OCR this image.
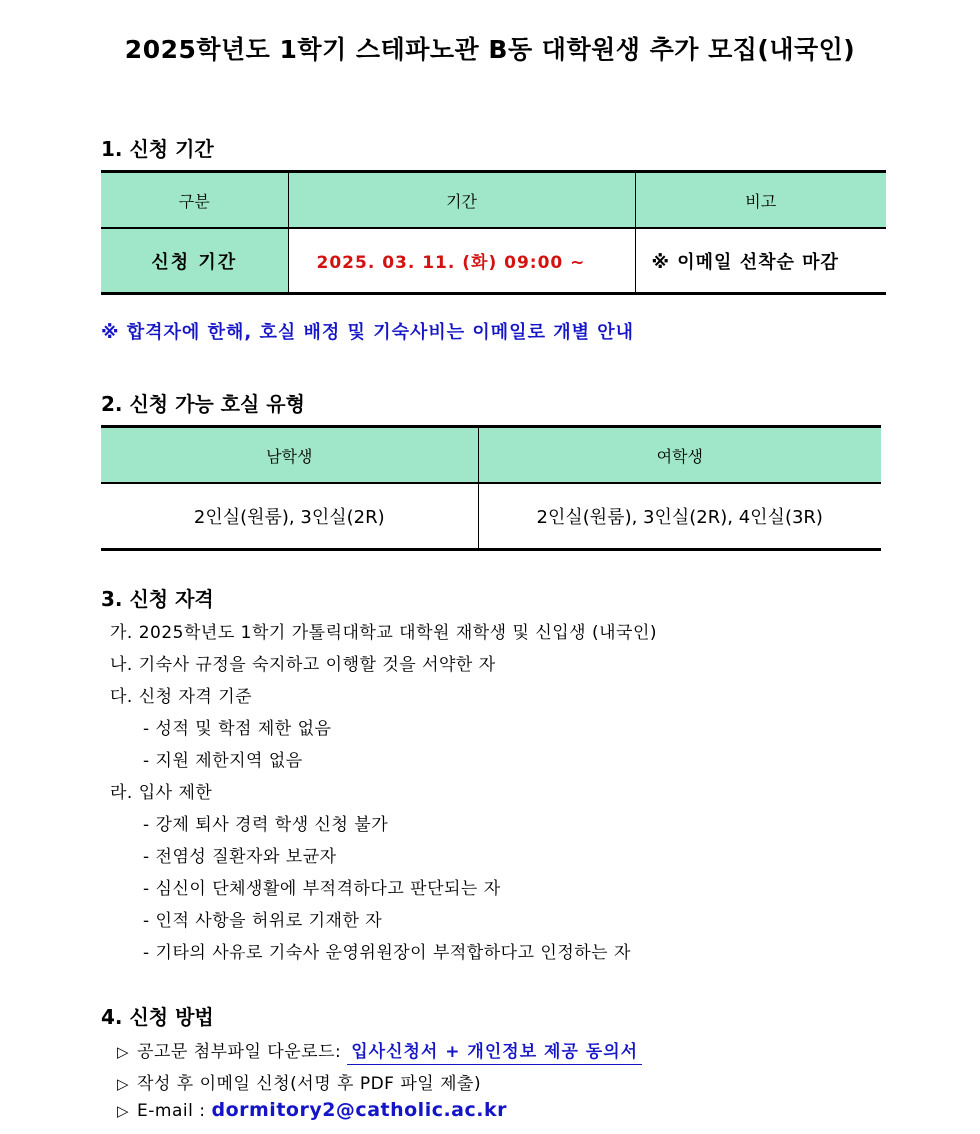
2025학년도 1학기 스테파노관 B동 대학원생 추가 모집(내국인)
1. 신청 기간
구분	기간	비고
신청 기간	2025. 03. 11. (화) 09:00 ~	※ 이메일 선착순 마감
※ 합격자에 한해, 호실 배정 및 기숙사비는 이메일로 개별 안내
2. 신청 가능 호실 유형
남학생	여학생
2인실(원룸), 3인실(2R)	2인실(원룸), 3인실(2R), 4인실(3R)
3. 신청 자격
가. 2025학년도 1학기 가톨릭대학교 대학원 재학생 및 신입생 (내국인)
나. 기숙사 규정을 숙지하고 이행할 것을 서약한 자
다. 신청 자격 기준
- 성적 및 학점 제한 없음
- 지원 제한지역 없음
라. 입사 제한
- 강제 퇴사 경력 학생 신청 불가
- 전염성 질환자와 보균자
- 심신이 단체생활에 부적격하다고 판단되는 자
- 인적 사항을 허위로 기재한 자
- 기타의 사유로 기숙사 운영위원장이 부적합하다고 인정하는 자
4. 신청 방법
▷ 공고문 첨부파일 다운로드: 입사신청서 + 개인정보 제공 동의서
▷ 작성 후 이메일 신청(서명 후 PDF 파일 제출)
▷ E-mail : dormitory2@catholic.ac.kr
